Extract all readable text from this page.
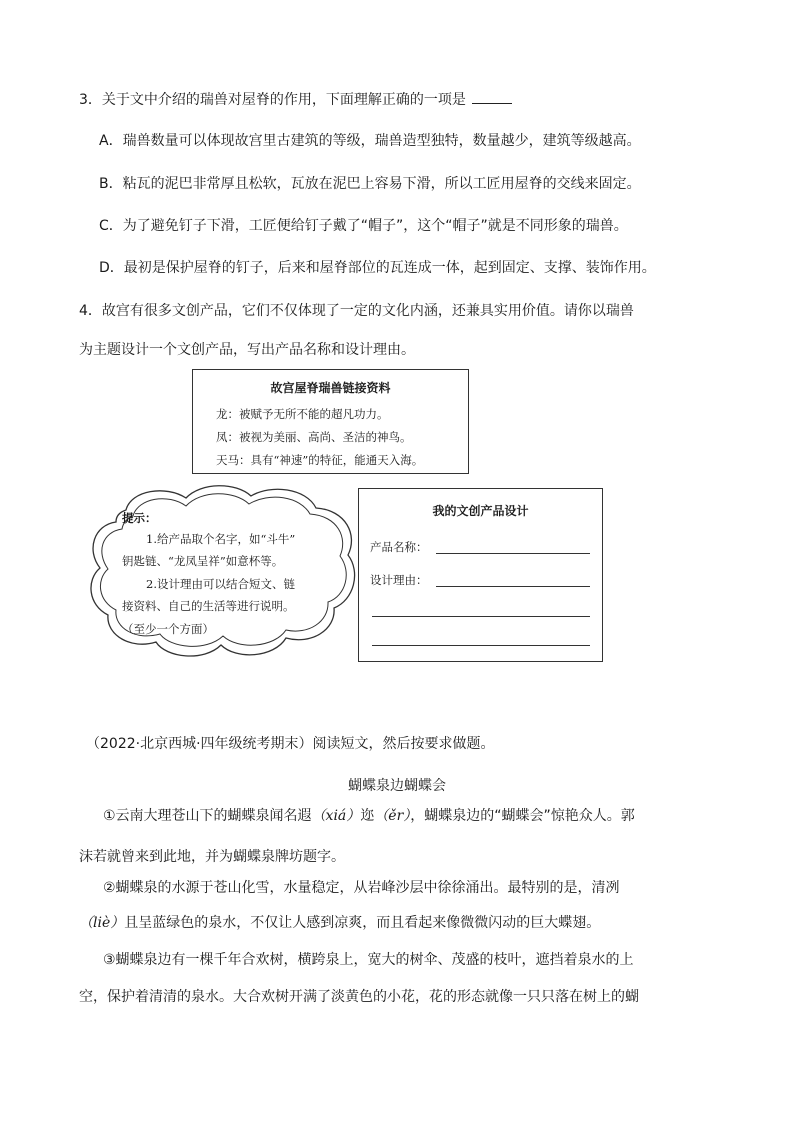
3．关于文中介绍的瑞兽对屋脊的作用，下面理解正确的一项是
A．瑞兽数量可以体现故宫里古建筑的等级，瑞兽造型独特，数量越少，建筑等级越高。
B．粘瓦的泥巴非常厚且松软，瓦放在泥巴上容易下滑，所以工匠用屋脊的交线来固定。
C．为了避免钉子下滑，工匠便给钉子戴了“帽子”，这个“帽子”就是不同形象的瑞兽。
D．最初是保护屋脊的钉子，后来和屋脊部位的瓦连成一体，起到固定、支撑、装饰作用。
4．故宫有很多文创产品，它们不仅体现了一定的文化内涵，还兼具实用价值。请你以瑞兽
为主题设计一个文创产品，写出产品名称和设计理由。
故宫屋脊瑞兽链接资料
龙：被赋予无所不能的超凡功力。
凤：被视为美丽、高尚、圣洁的神鸟。
天马：具有“神速”的特征，能通天入海。
提示：
1.给产品取个名字，如“斗牛”
钥匙链、“龙凤呈祥”如意杯等。
2.设计理由可以结合短文、链
接资料、自己的生活等进行说明。
（至少一个方面）
我的文创产品设计
产品名称：
设计理由：
（2022·北京西城·四年级统考期末）阅读短文，然后按要求做题。
蝴蝶泉边蝴蝶会
①云南大理苍山下的蝴蝶泉闻名遐（xiá）迩（ěr），蝴蝶泉边的“蝴蝶会”惊艳众人。郭
沫若就曾来到此地，并为蝴蝶泉牌坊题字。
②蝴蝶泉的水源于苍山化雪，水量稳定，从岩峰沙层中徐徐涌出。最特别的是，清冽
（liè）且呈蓝绿色的泉水，不仅让人感到凉爽，而且看起来像微微闪动的巨大蝶翅。
③蝴蝶泉边有一棵千年合欢树，横跨泉上，宽大的树伞、茂盛的枝叶，遮挡着泉水的上
空，保护着清清的泉水。大合欢树开满了淡黄色的小花，花的形态就像一只只落在树上的蝴
